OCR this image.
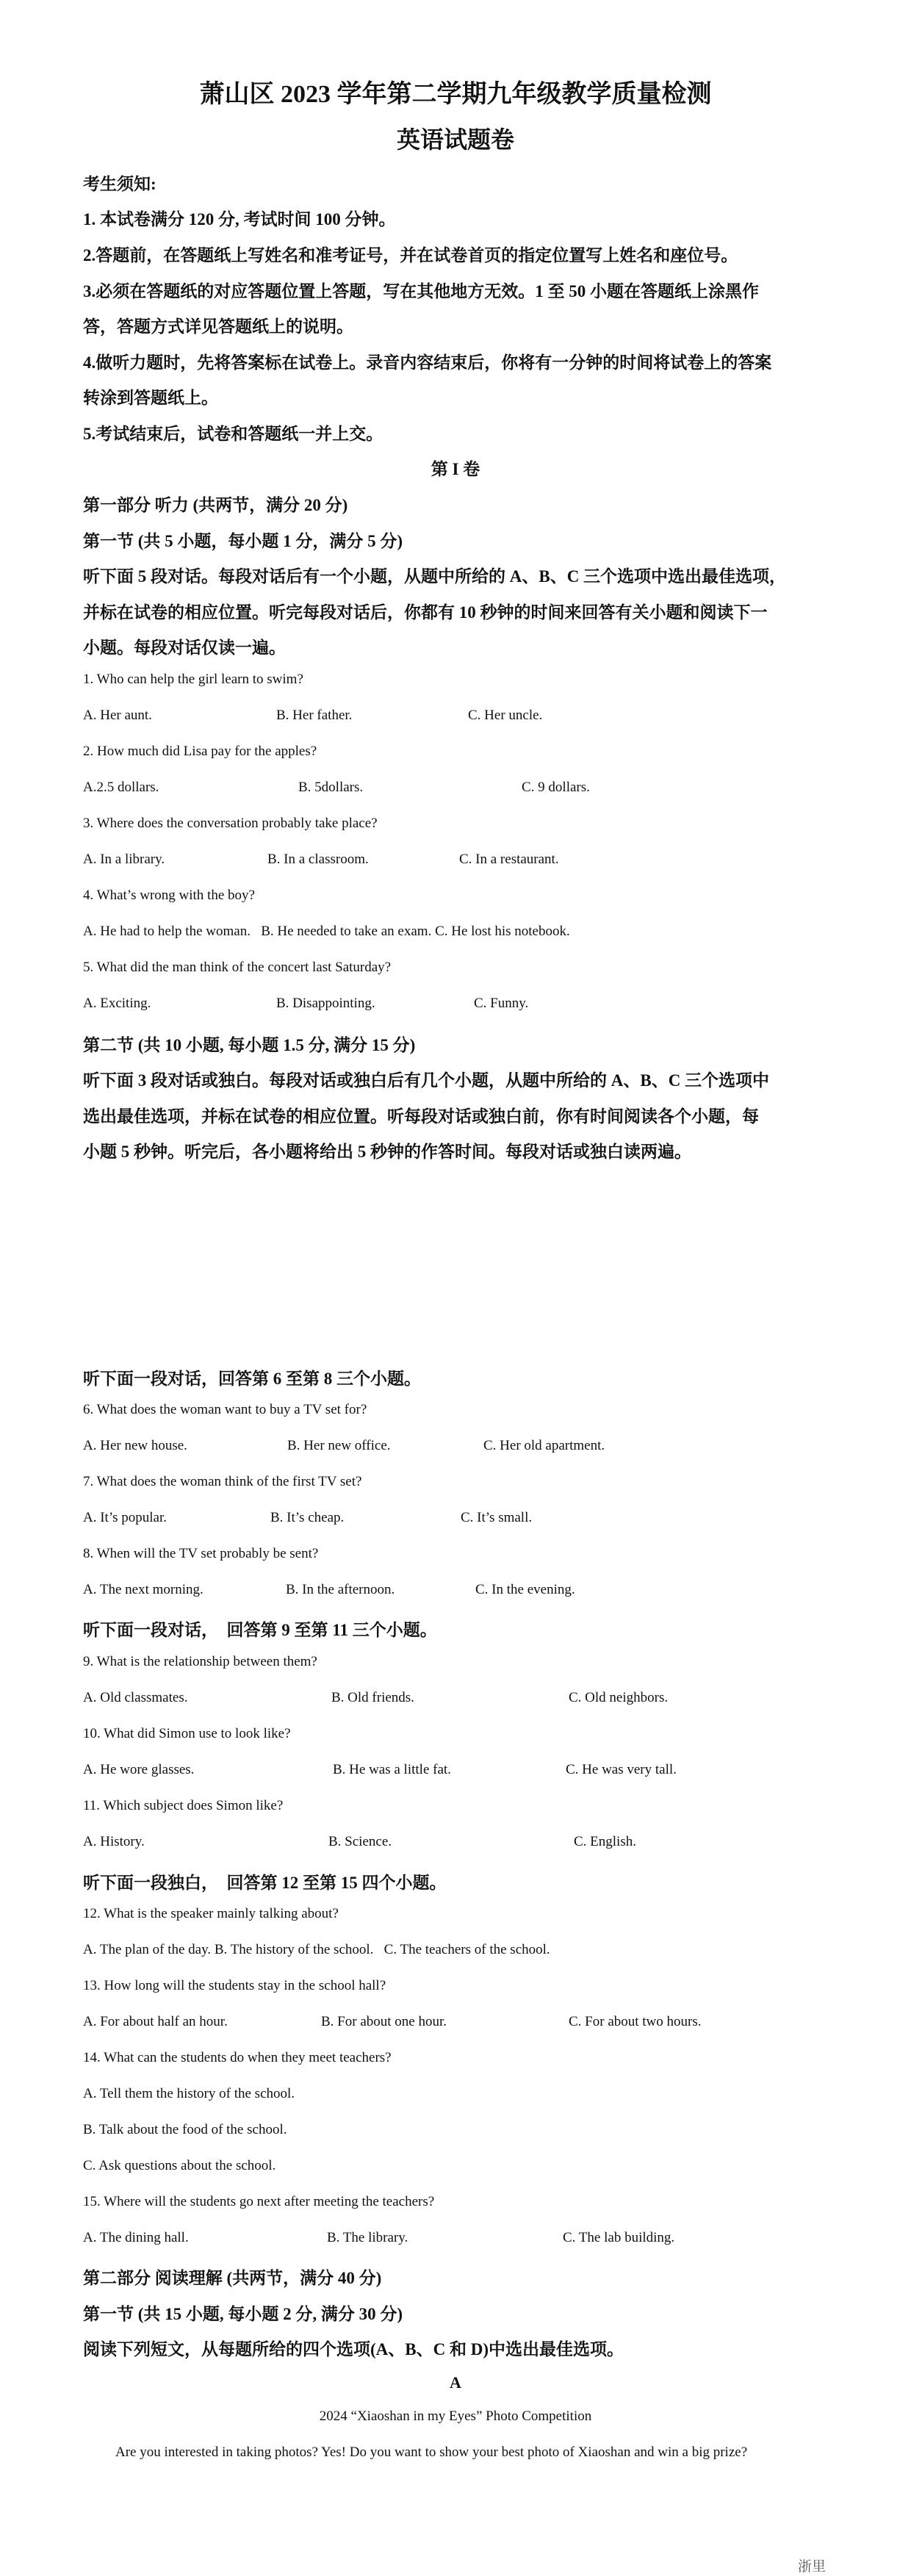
萧山区 2023 学年第二学期九年级教学质量检测
英语试题卷
考生须知:
1. 本试卷满分 120 分, 考试时间 100 分钟。
2.答题前，在答题纸上写姓名和准考证号，并在试卷首页的指定位置写上姓名和座位号。
3.必须在答题纸的对应答题位置上答题，写在其他地方无效。1 至 50 小题在答题纸上涂黑作
答，答题方式详见答题纸上的说明。
4.做听力题时，先将答案标在试卷上。录音内容结束后，你将有一分钟的时间将试卷上的答案
转涂到答题纸上。
5.考试结束后，试卷和答题纸一并上交。
第 I 卷
第一部分 听力 (共两节，满分 20 分)
第一节 (共 5 小题，每小题 1 分，满分 5 分)
听下面 5 段对话。每段对话后有一个小题，从题中所给的 A、B、C 三个选项中选出最佳选项，
并标在试卷的相应位置。听完每段对话后，你都有 10 秒钟的时间来回答有关小题和阅读下一
小题。每段对话仅读一遍。
1. Who can help the girl learn to swim?
A. Her aunt.	B. Her father.	C. Her uncle.
2. How much did Lisa pay for the apples?
A.2.5 dollars.	B. 5dollars.	C. 9 dollars.
3. Where does the conversation probably take place?
A. In a library.	B. In a classroom.	C. In a restaurant.
4. What’s wrong with the boy?
A. He had to help the woman.   B. He needed to take an exam. C. He lost his notebook.
5. What did the man think of the concert last Saturday?
A. Exciting.	B. Disappointing.	C. Funny.
第二节 (共 10 小题, 每小题 1.5 分, 满分 15 分)
听下面 3 段对话或独白。每段对话或独白后有几个小题，从题中所给的 A、B、C 三个选项中
选出最佳选项，并标在试卷的相应位置。听每段对话或独白前，你有时间阅读各个小题，每
小题 5 秒钟。听完后，各小题将给出 5 秒钟的作答时间。每段对话或独白读两遍。
听下面一段对话，回答第 6 至第 8 三个小题。
6. What does the woman want to buy a TV set for?
A. Her new house.	B. Her new office.	C. Her old apartment.
7. What does the woman think of the first TV set?
A. It’s popular.	B. It’s cheap.	C. It’s small.
8. When will the TV set probably be sent?
A. The next morning.	B. In the afternoon.	C. In the evening.
听下面一段对话，  回答第 9 至第 11 三个小题。
9. What is the relationship between them?
A. Old classmates.	B. Old friends.	C. Old neighbors.
10. What did Simon use to look like?
A. He wore glasses.	B. He was a little fat.	C. He was very tall.
11. Which subject does Simon like?
A. History.	B. Science.	C. English.
听下面一段独白，  回答第 12 至第 15 四个小题。
12. What is the speaker mainly talking about?
A. The plan of the day. B. The history of the school.   C. The teachers of the school.
13. How long will the students stay in the school hall?
A. For about half an hour.	B. For about one hour.	C. For about two hours.
14. What can the students do when they meet teachers?
A. Tell them the history of the school.
B. Talk about the food of the school.
C. Ask questions about the school.
15. Where will the students go next after meeting the teachers?
A. The dining hall.	B. The library.	C. The lab building.
第二部分 阅读理解 (共两节，满分 40 分)
第一节 (共 15 小题, 每小题 2 分, 满分 30 分)
阅读下列短文，从每题所给的四个选项(A、B、C 和 D)中选出最佳选项。
A
2024 “Xiaoshan in my Eyes” Photo Competition
Are you interested in taking photos? Yes! Do you want to show your best photo of Xiaoshan and win a big prize?
浙里
